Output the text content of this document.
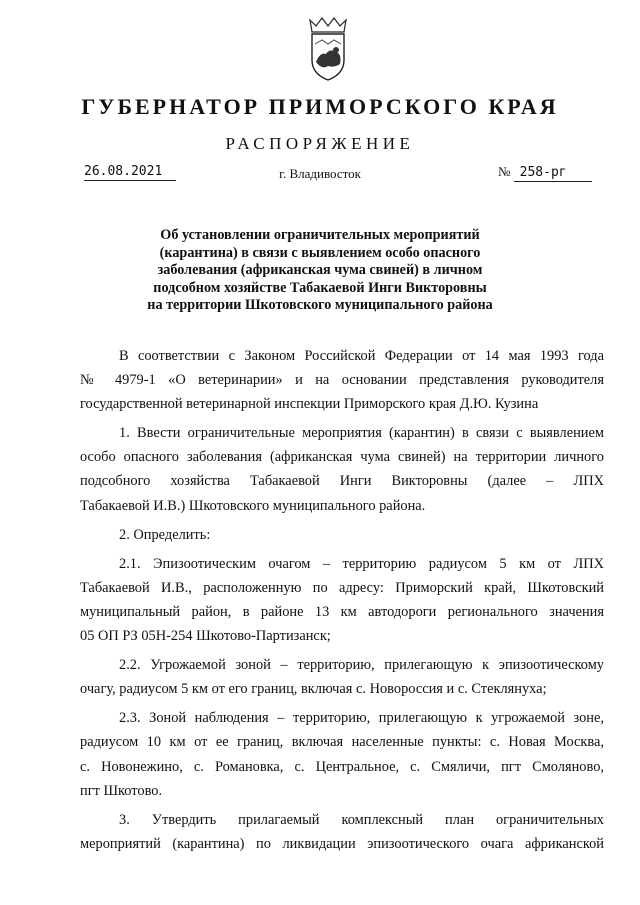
ГУБЕРНАТОР ПРИМОРСКОГО КРАЯ
РАСПОРЯЖЕНИЕ
26.08.2021	г. Владивосток	№ 258-рг
Об установлении ограничительных мероприятий
(карантина) в связи с выявлением особо опасного
заболевания (африканская чума свиней) в личном
подсобном хозяйстве Табакаевой Инги Викторовны
на территории Шкотовского муниципального района
В соответствии с Законом Российской Федерации от 14 мая 1993 года
№ 4979-1 «О ветеринарии» и на основании представления руководителя
государственной ветеринарной инспекции Приморского края Д.Ю. Кузина
1. Ввести ограничительные мероприятия (карантин) в связи с выявлением
особо опасного заболевания (африканская чума свиней) на территории личного
подсобного хозяйства Табакаевой Инги Викторовны (далее – ЛПХ
Табакаевой И.В.) Шкотовского муниципального района.
2. Определить:
2.1. Эпизоотическим очагом – территорию радиусом 5 км от ЛПХ
Табакаевой И.В., расположенную по адресу: Приморский край, Шкотовский
муниципальный район, в районе 13 км автодороги регионального значения
05 ОП РЗ 05Н-254 Шкотово-Партизанск;
2.2. Угрожаемой зоной – территорию, прилегающую к эпизоотическому
очагу, радиусом 5 км от его границ, включая с. Новороссия и с. Стеклянуха;
2.3. Зоной наблюдения – территорию, прилегающую к угрожаемой зоне,
радиусом 10 км от ее границ, включая населенные пункты: с. Новая Москва,
с. Новонежино, с. Романовка, с. Центральное, с. Смяличи, пгт Смоляново,
пгт Шкотово.
3. Утвердить прилагаемый комплексный план ограничительных
мероприятий (карантина) по ликвидации эпизоотического очага африканской
